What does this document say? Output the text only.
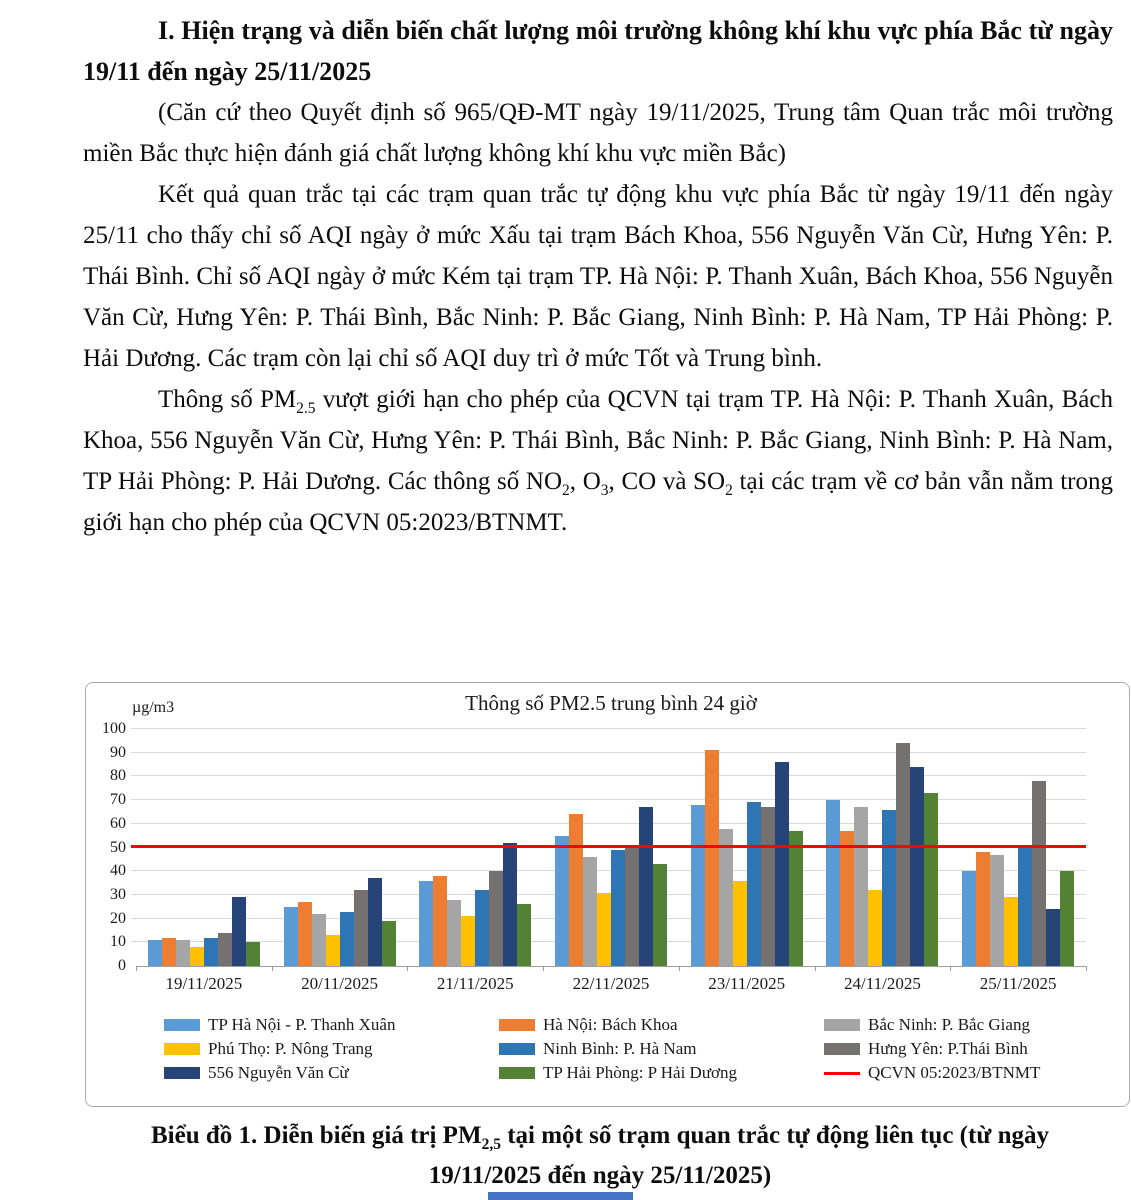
I. Hiện trạng và diễn biến chất lượng môi trường không khí khu vực phía Bắc từ ngày 19/11 đến ngày 25/11/2025

(Căn cứ theo Quyết định số 965/QĐ-MT ngày 19/11/2025, Trung tâm Quan trắc môi trường miền Bắc thực hiện đánh giá chất lượng không khí khu vực miền Bắc)

Kết quả quan trắc tại các trạm quan trắc tự động khu vực phía Bắc từ ngày 19/11 đến ngày 25/11 cho thấy chỉ số AQI ngày ở mức Xấu tại trạm Bách Khoa, 556 Nguyễn Văn Cừ, Hưng Yên: P. Thái Bình. Chỉ số AQI ngày ở mức Kém tại trạm TP. Hà Nội: P. Thanh Xuân, Bách Khoa, 556 Nguyễn Văn Cừ, Hưng Yên: P. Thái Bình, Bắc Ninh: P. Bắc Giang, Ninh Bình: P. Hà Nam, TP Hải Phòng: P. Hải Dương. Các trạm còn lại chỉ số AQI duy trì ở mức Tốt và Trung bình.

Thông số $PM_{2.5}$ vượt giới hạn cho phép của QCVN tại trạm TP. Hà Nội: P. Thanh Xuân, Bách Khoa, 556 Nguyễn Văn Cừ, Hưng Yên: P. Thái Bình, Bắc Ninh: P. Bắc Giang, Ninh Bình: P. Hà Nam, TP Hải Phòng: P. Hải Dương. Các thông số $NO_2$, $O_3$, CO và $SO_2$ tại các trạm về cơ bản vẫn nằm trong giới hạn cho phép của QCVN 05:2023/BTNMT.

µg/m3	Thông số PM2.5 trung bình 24 giờ
0
10
20
30
40
50
60
70
80
90
100
19/11/2025	20/11/2025	21/11/2025	22/11/2025	23/11/2025	24/11/2025	25/11/2025
TP Hà Nội - P. Thanh Xuân	Hà Nội: Bách Khoa	Bắc Ninh: P. Bắc Giang
Phú Thọ: P. Nông Trang	Ninh Bình: P. Hà Nam	Hưng Yên: P.Thái Bình
556 Nguyễn Văn Cừ	TP Hải Phòng: P Hải Dương	QCVN 05:2023/BTNMT

Biểu đồ 1. Diễn biến giá trị $PM_{2,5}$ tại một số trạm quan trắc tự động liên tục (từ ngày
19/11/2025 đến ngày 25/11/2025)
